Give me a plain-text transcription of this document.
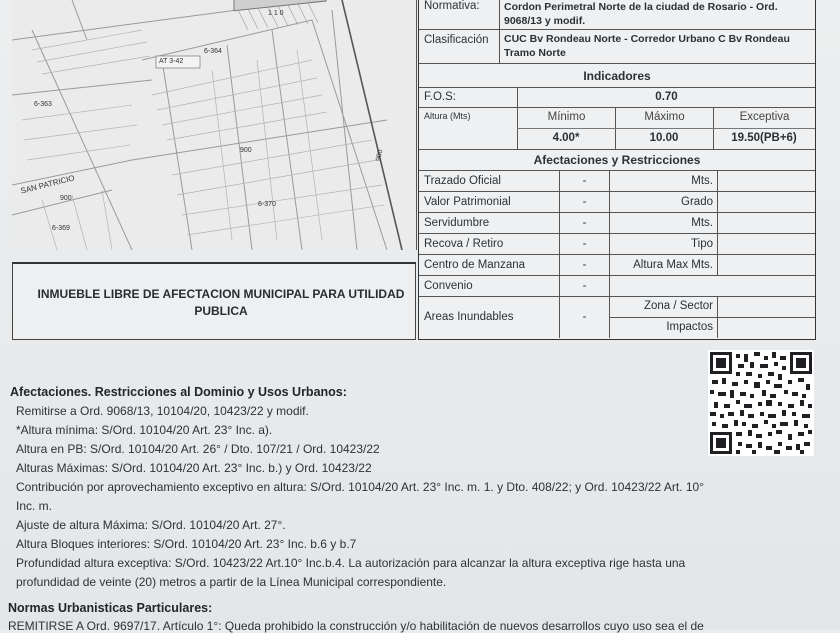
1 1 0
AT 3-42
6-364
6-363
900	900
SAN PATRICIO
900
6-370
6-369
INMUEBLE LIBRE DE AFECTACION MUNICIPAL PARA UTILIDAD PUBLICA
Normativa:	Cordon Perimetral Norte de la ciudad de Rosario - Ord. 9068/13 y modif.
Clasificación	CUC Bv Rondeau Norte - Corredor Urbano C Bv Rondeau Tramo Norte
Indicadores
F.O.S:	0.70
Altura (Mts)	Mínimo	Máximo	Exceptiva
4.00*	10.00	19.50(PB+6)
Afectaciones y Restricciones
Trazado Oficial	-	Mts.
Valor Patrimonial	-	Grado
Servidumbre	-	Mts.
Recova / Retiro	-	Tipo
Centro de Manzana	-	Altura Max Mts.
Convenio	-
Areas Inundables	-
Zona / Sector
Impactos
Afectaciones. Restricciones al Dominio y Usos Urbanos:
Remitirse a Ord. 9068/13, 10104/20, 10423/22 y modif.
*Altura mínima: S/Ord. 10104/20 Art. 23° Inc. a).
Altura en PB: S/Ord. 10104/20 Art. 26° / Dto. 107/21 / Ord. 10423/22
Alturas Máximas: S/Ord. 10104/20 Art. 23° Inc. b.) y Ord. 10423/22
Contribución por aprovechamiento exceptivo en altura: S/Ord. 10104/20 Art. 23° Inc. m. 1. y Dto. 408/22; y Ord. 10423/22 Art. 10°
Inc. m.
Ajuste de altura Máxima: S/Ord. 10104/20 Art. 27°.
Altura Bloques interiores: S/Ord. 10104/20 Art. 23° Inc. b.6 y b.7
Profundidad altura exceptiva: S/Ord. 10423/22 Art.10° Inc.b.4. La autorización para alcanzar la altura exceptiva rige hasta una
profundidad de veinte (20) metros a partir de la Línea Municipal correspondiente.
Normas Urbanisticas Particulares:
REMITIRSE A Ord. 9697/17. Artículo 1°: Queda prohibido la construcción y/o habilitación de nuevos desarrollos cuyo uso sea el de
